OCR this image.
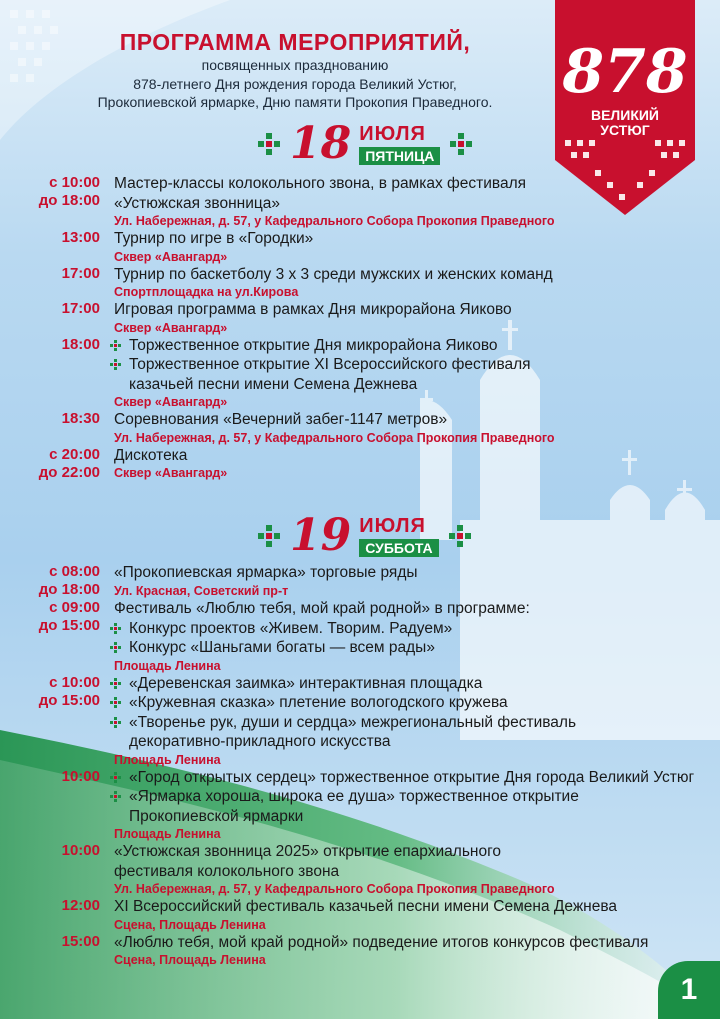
ПРОГРАММА МЕРОПРИЯТИЙ,

посвященных празднованию

878-летнего Дня рождения города Великий Устюг,

Прокопиевской ярмарке, Дню памяти Прокопия Праведного.	878
ВЕЛИКИЙ
УСТЮГ
18 ИЮЛЯ
ПЯТНИЦА
с 10:00
до 18:00
Мастер-классы колокольного звона, в рамках фестиваля
«Устюжская звонница»
Ул. Набережная, д. 57, у Кафедрального Собора Прокопия Праведного
13:00 Турнир по игре в «Городки»
Сквер «Авангард»
17:00 Турнир по баскетболу 3 х 3 среди мужских и женских команд
Спортплощадка на ул.Кирова
17:00 Игровая программа в рамках Дня микрорайона Яиково
Сквер «Авангард»
18:00 Торжественное открытие Дня микрорайона Яиково
Торжественное открытие XI Всероссийского фестиваля
казачьей песни имени Семена Дежнева
Сквер «Авангард»
18:30 Соревнования «Вечерний забег-1147 метров»
Ул. Набережная, д. 57, у Кафедрального Собора Прокопия Праведного
с 20:00
до 22:00
Дискотека
Сквер «Авангард»
19 ИЮЛЯ
СУББОТА
с 08:00
до 18:00
«Прокопиевская ярмарка» торговые ряды
Ул. Красная, Советский пр-т
с 09:00
до 15:00
Фестиваль «Люблю тебя, мой край родной» в программе:
Конкурс проектов «Живем. Творим. Радуем»
Конкурс «Шаньгами богаты — всем рады»
Площадь Ленина
с 10:00
до 15:00
«Деревенская заимка» интерактивная площадка
«Кружевная сказка» плетение вологодского кружева
«Творенье рук, души и сердца» межрегиональный фестиваль
декоративно-прикладного искусства
Площадь Ленина
10:00 «Город открытых сердец» торжественное открытие Дня города Великий Устюг
«Ярмарка хороша, широка ее душа» торжественное открытие
Прокопиевской ярмарки
Площадь Ленина
10:00 «Устюжская звонница 2025» открытие епархиального
фестиваля колокольного звона
Ул. Набережная, д. 57, у Кафедрального Собора Прокопия Праведного
12:00 XI Всероссийский фестиваль казачьей песни имени Семена Дежнева
Сцена, Площадь Ленина
15:00 «Люблю тебя, мой край родной» подведение итогов конкурсов фестиваля
Сцена, Площадь Ленина
1
